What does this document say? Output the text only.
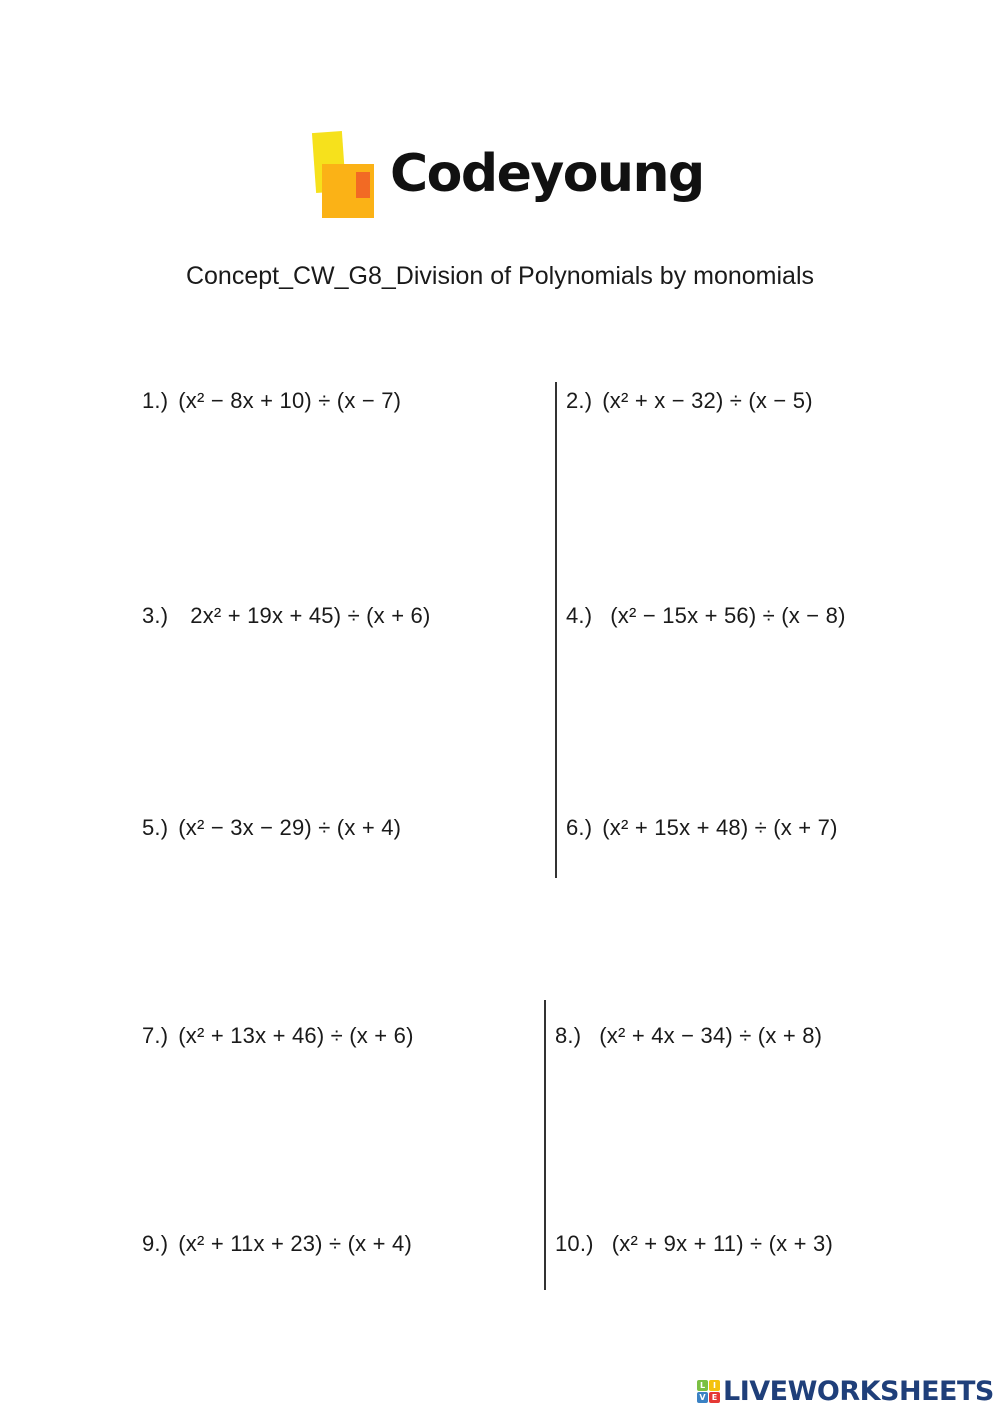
Codeyoung
Concept_CW_G8_Division of Polynomials by monomials
1.) (x² − 8x + 10) ÷ (x − 7)	2.) (x² + x − 32) ÷ (x − 5)
3.) 2x² + 19x + 45) ÷ (x + 6)	4.) (x² − 15x + 56) ÷ (x − 8)
5.) (x² − 3x − 29) ÷ (x + 4)	6.) (x² + 15x + 48) ÷ (x + 7)
7.) (x² + 13x + 46) ÷ (x + 6)	8.) (x² + 4x − 34) ÷ (x + 8)
9.) (x² + 11x + 23) ÷ (x + 4)	10.) (x² + 9x + 11) ÷ (x + 3)
L I
V E LIVEWORKSHEETS
